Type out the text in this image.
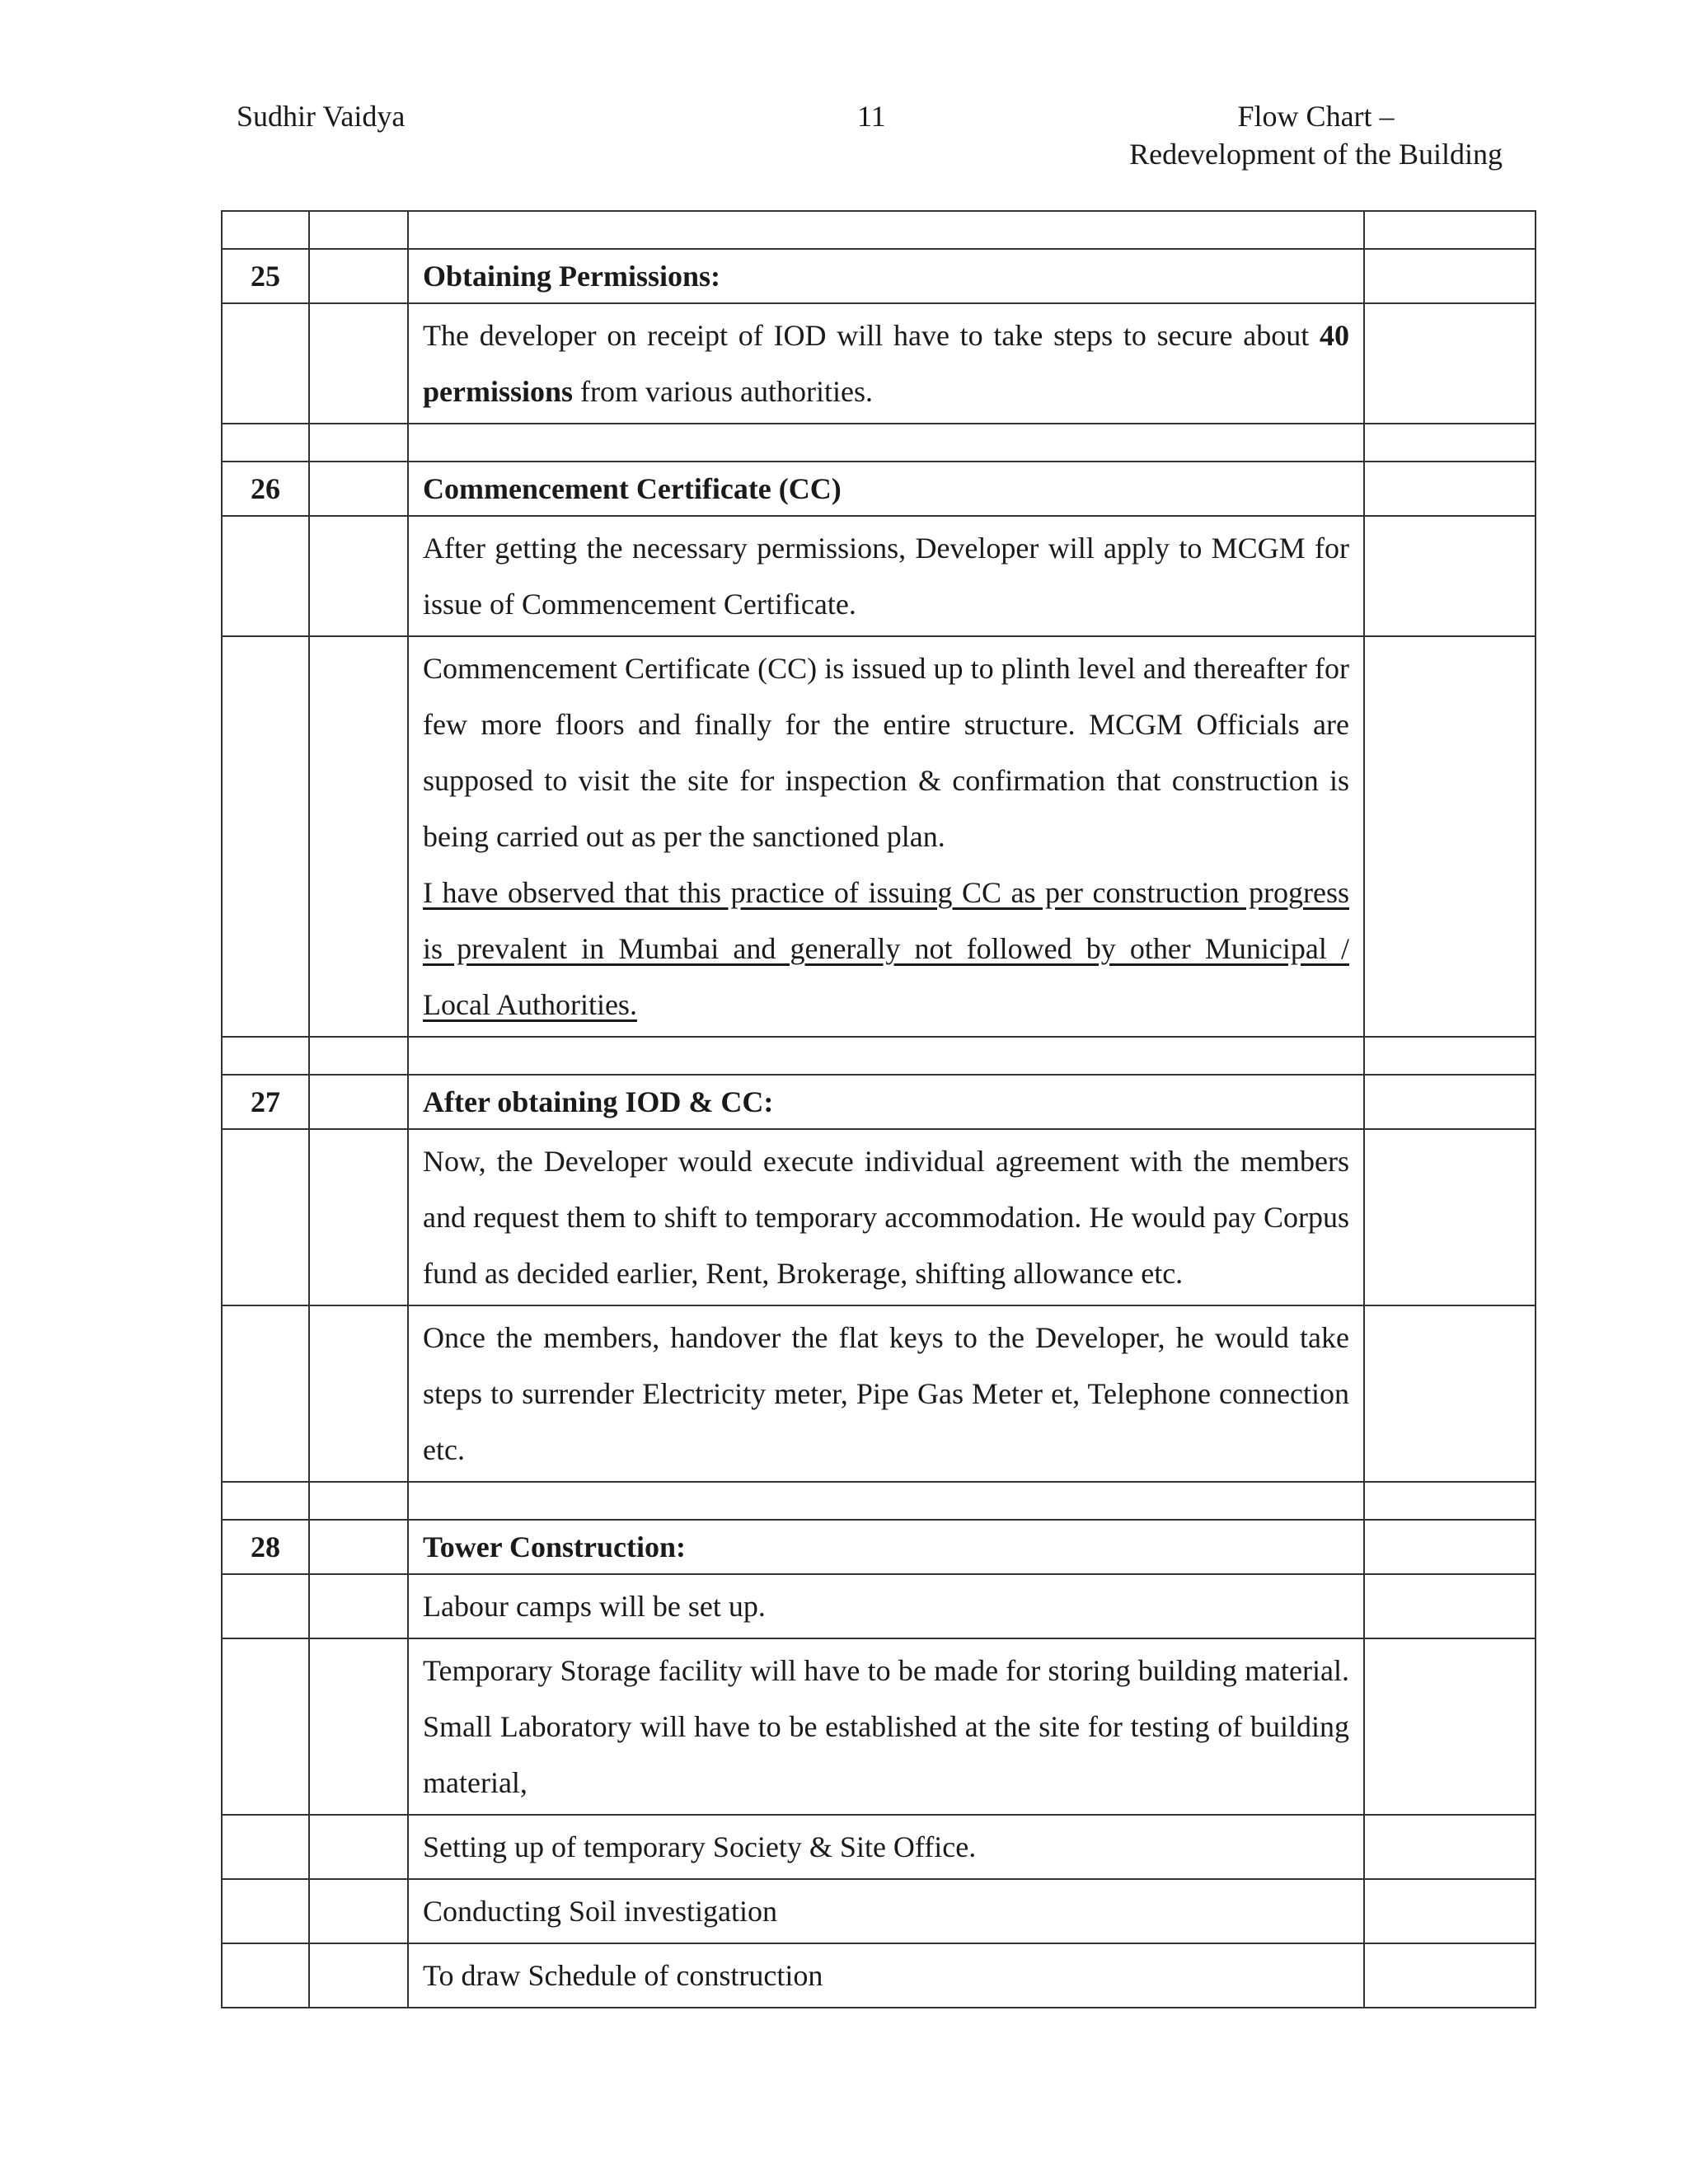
Sudhir Vaidya	11	Flow Chart –
Redevelopment of the Building

25		Obtaining Permissions:	
		The developer on receipt of IOD will have to take steps to secure about 40 permissions from various authorities.	

26		Commencement Certificate (CC)	
		After getting the necessary permissions, Developer will apply to MCGM for issue of Commencement Certificate.	

		Commencement Certificate (CC) is issued up to plinth level and thereafter for few more floors and finally for the entire structure. MCGM Officials are supposed to visit the site for inspection & confirmation that construction is being carried out as per the sanctioned plan.
I have observed that this practice of issuing CC as per construction progress is prevalent in Mumbai and generally not followed by other Municipal / Local Authorities.	

27		After obtaining IOD & CC:	
		Now, the Developer would execute individual agreement with the members and request them to shift to temporary accommodation. He would pay Corpus fund as decided earlier, Rent, Brokerage, shifting allowance etc.	
		Once the members, handover the flat keys to the Developer, he would take steps to surrender Electricity meter, Pipe Gas Meter et, Telephone connection etc.	

28		Tower Construction:	
		Labour camps will be set up.	
		Temporary Storage facility will have to be made for storing building material. Small Laboratory will have to be established at the site for testing of building material,	
		Setting up of temporary Society & Site Office.	
		Conducting Soil investigation	
		To draw Schedule of construction	
